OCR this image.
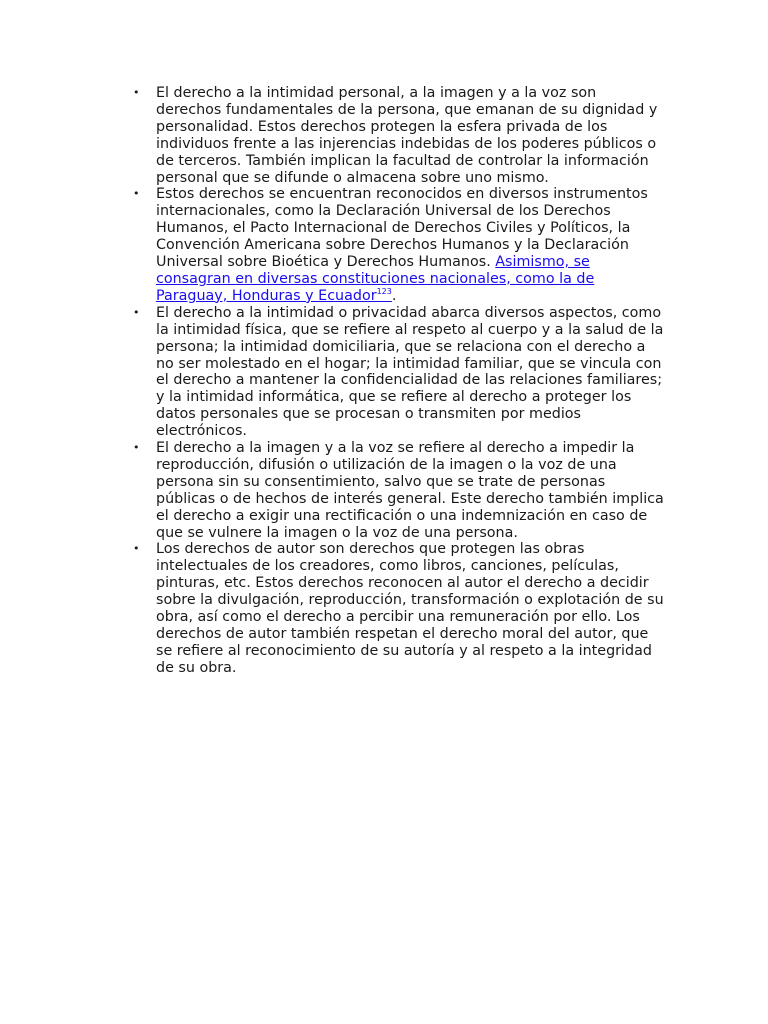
• El derecho a la intimidad personal, a la imagen y a la voz son derechos fundamentales de la persona, que emanan de su dignidad y personalidad. Estos derechos protegen la esfera privada de los individuos frente a las injerencias indebidas de los poderes públicos o de terceros. También implican la facultad de controlar la información personal que se difunde o almacena sobre uno mismo.
• Estos derechos se encuentran reconocidos en diversos instrumentos internacionales, como la Declaración Universal de los Derechos Humanos, el Pacto Internacional de Derechos Civiles y Políticos, la Convención Americana sobre Derechos Humanos y la Declaración Universal sobre Bioética y Derechos Humanos. Asimismo, se consagran en diversas constituciones nacionales, como la de Paraguay, Honduras y Ecuador$^{123}$.
• El derecho a la intimidad o privacidad abarca diversos aspectos, como la intimidad física, que se refiere al respeto al cuerpo y a la salud de la persona; la intimidad domiciliaria, que se relaciona con el derecho a no ser molestado en el hogar; la intimidad familiar, que se vincula con el derecho a mantener la confidencialidad de las relaciones familiares; y la intimidad informática, que se refiere al derecho a proteger los datos personales que se procesan o transmiten por medios electrónicos.
• El derecho a la imagen y a la voz se refiere al derecho a impedir la reproducción, difusión o utilización de la imagen o la voz de una persona sin su consentimiento, salvo que se trate de personas públicas o de hechos de interés general. Este derecho también implica el derecho a exigir una rectificación o una indemnización en caso de que se vulnere la imagen o la voz de una persona.
• Los derechos de autor son derechos que protegen las obras intelectuales de los creadores, como libros, canciones, películas, pinturas, etc. Estos derechos reconocen al autor el derecho a decidir sobre la divulgación, reproducción, transformación o explotación de su obra, así como el derecho a percibir una remuneración por ello. Los derechos de autor también respetan el derecho moral del autor, que se refiere al reconocimiento de su autoría y al respeto a la integridad de su obra.
